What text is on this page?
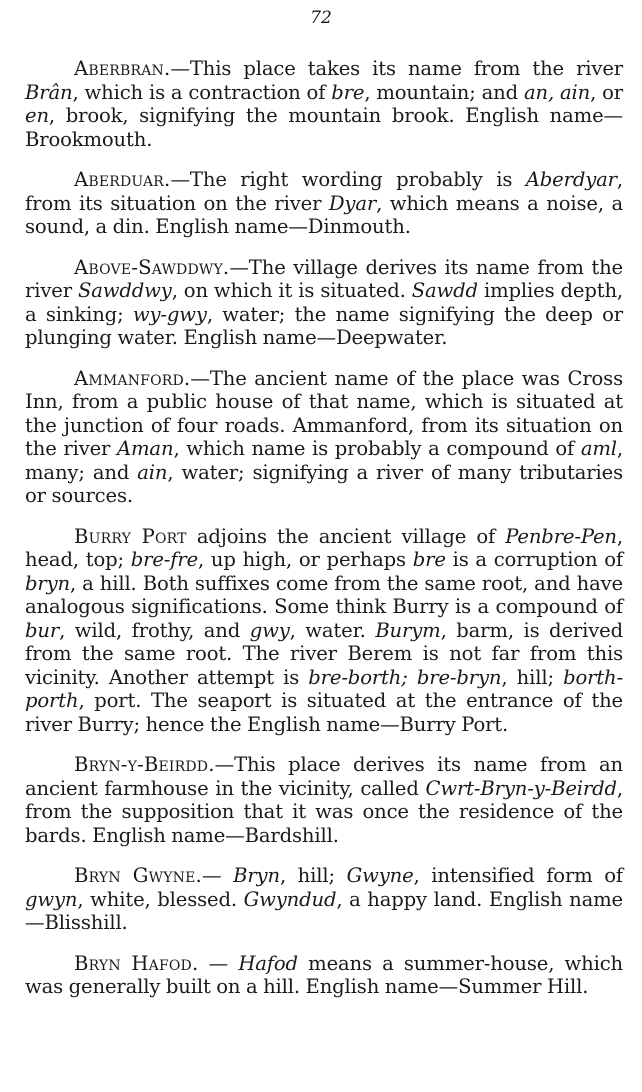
72

Aberbran.—This place takes its name from the river Brân, which is a contraction of bre, mountain; and an, ain, or en, brook, signifying the mountain brook. English name—Brookmouth.

Aberduar.—The right wording probably is Aberdyar, from its situation on the river Dyar, which means a noise, a sound, a din. English name—Dinmouth.

Above-Sawddwy.—The village derives its name from the river Sawddwy, on which it is situated. Sawdd implies depth, a sinking; wy-gwy, water; the name signifying the deep or plunging water. English name—Deepwater.

Ammanford.—The ancient name of the place was Cross Inn, from a public house of that name, which is situated at the junction of four roads. Ammanford, from its situation on the river Aman, which name is probably a compound of aml, many; and ain, water; signifying a river of many tributaries or sources.

Burry Port adjoins the ancient village of Penbre-Pen, head, top; bre-fre, up high, or perhaps bre is a corruption of bryn, a hill. Both suffixes come from the same root, and have analogous significations. Some think Burry is a compound of bur, wild, frothy, and gwy, water. Burym, barm, is derived from the same root. The river Berem is not far from this vicinity. Another attempt is bre-borth; bre-bryn, hill; borth-porth, port. The seaport is situated at the entrance of the river Burry; hence the English name—Burry Port.

Bryn-y-Beirdd.—This place derives its name from an ancient farmhouse in the vicinity, called Cwrt-Bryn-y-Beirdd, from the supposition that it was once the residence of the bards. English name—Bardshill.

Bryn Gwyne.— Bryn, hill; Gwyne, intensified form of gwyn, white, blessed. Gwyndud, a happy land. English name—Blisshill.

Bryn Hafod. — Hafod means a summer-house, which was generally built on a hill. English name—Summer Hill.
